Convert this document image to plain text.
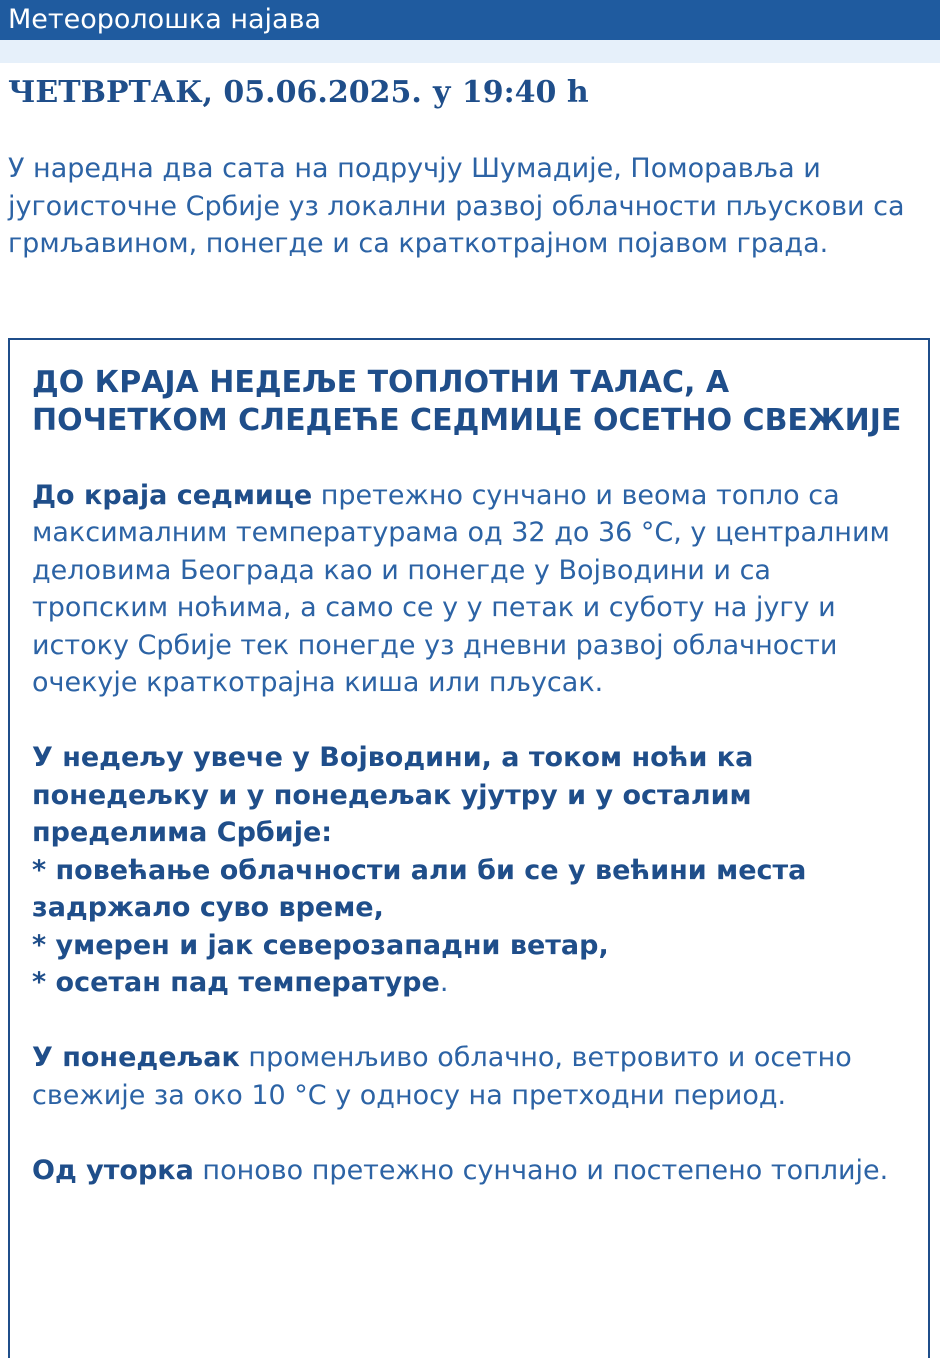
Метеоролошка најава
ЧЕТВРТАК, 05.06.2025. у 19:40 h

У наредна два сата на подручју Шумадије, Поморавља и југоисточне Србије уз локални развој облачности пљускови са грмљавином, понегде и са краткотрајном појавом града.

ДО КРАЈА НЕДЕЉЕ ТОПЛОТНИ ТАЛАС, А ПОЧЕТКОМ СЛЕДЕЋЕ СЕДМИЦЕ ОСЕТНО СВЕЖИЈЕ

До краја седмице претежно сунчано и веома топло са максималним температурама од 32 до 36 °C, у централним деловима Београда као и понегде у Војводини и са тропским ноћима, а само се у у петак и суботу на југу и истоку Србије тек понегде уз дневни развој облачности очекује краткотрајна киша или пљусак.

У недељу увече у Војводини, а током ноћи ка понедељку и у понедељак ујутру и у осталим пределима Србије:
* повећање облачности али би се у већини места задржало суво време,
* умерен и јак северозападни ветар,
* осетан пад температуре.

У понедељак променљиво облачно, ветровито и осетно свежије за око 10 °C у односу на претходни период.

Од уторка поново претежно сунчано и постепено топлије.
